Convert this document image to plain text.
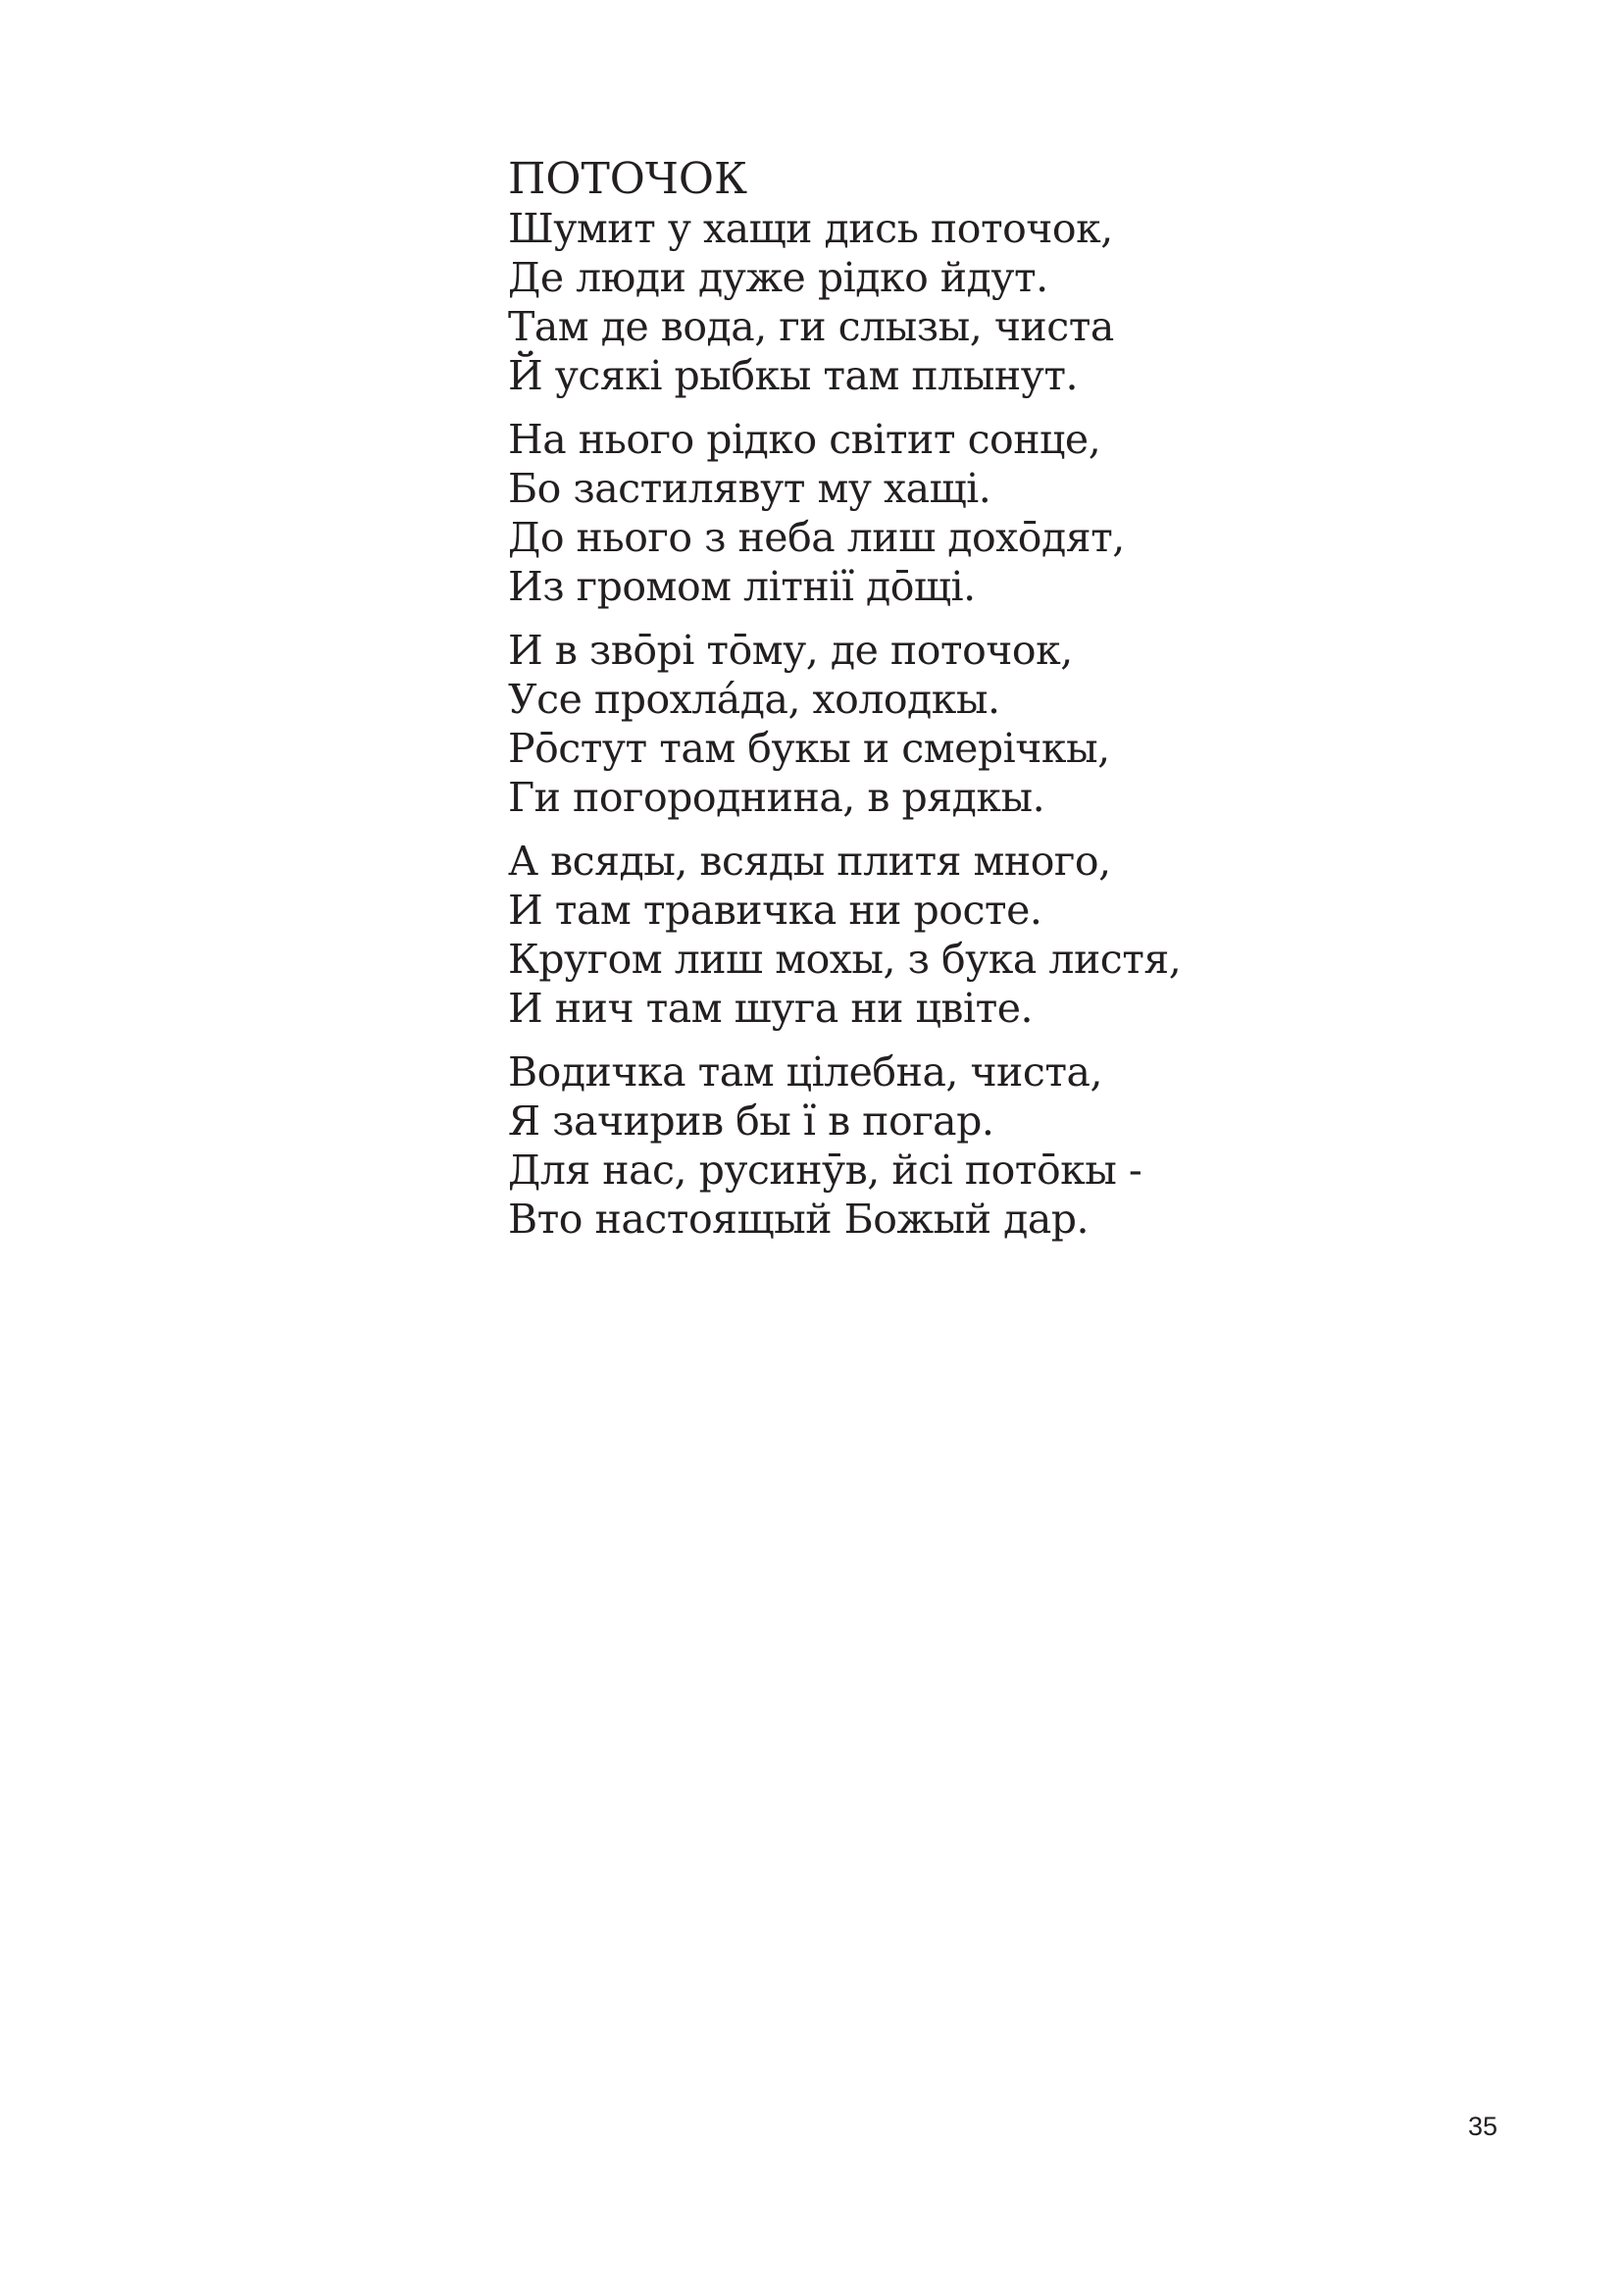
ПОТОЧОК
Шумит у хащи дись поточок,
Де люди дуже рідко йдут.
Там де вода, ги слызы, чиста
Й усякі рыбкы там плынут.
На нього рідко світит сонце,
Бо застилявут му хащі.
До нього з неба лиш дохо̄дят,
Из громом літнії до̄щі.
И в зво̄рі то̄му, де поточок,
Усе прохла́да, холодкы.
Ро̄стут там букы и смерічкы,
Ги погороднина, в рядкы.
А всяды, всяды плитя много,
И там травичка ни росте.
Кругом лиш мохы, з бука листя,
И нич там шуга ни цвіте.
Водичка там цілебна, чиста,
Я зачирив бы ї в погар.
Для нас, русинӯв, йсі пото̄кы -
Вто настоящый Божый дар.
35
